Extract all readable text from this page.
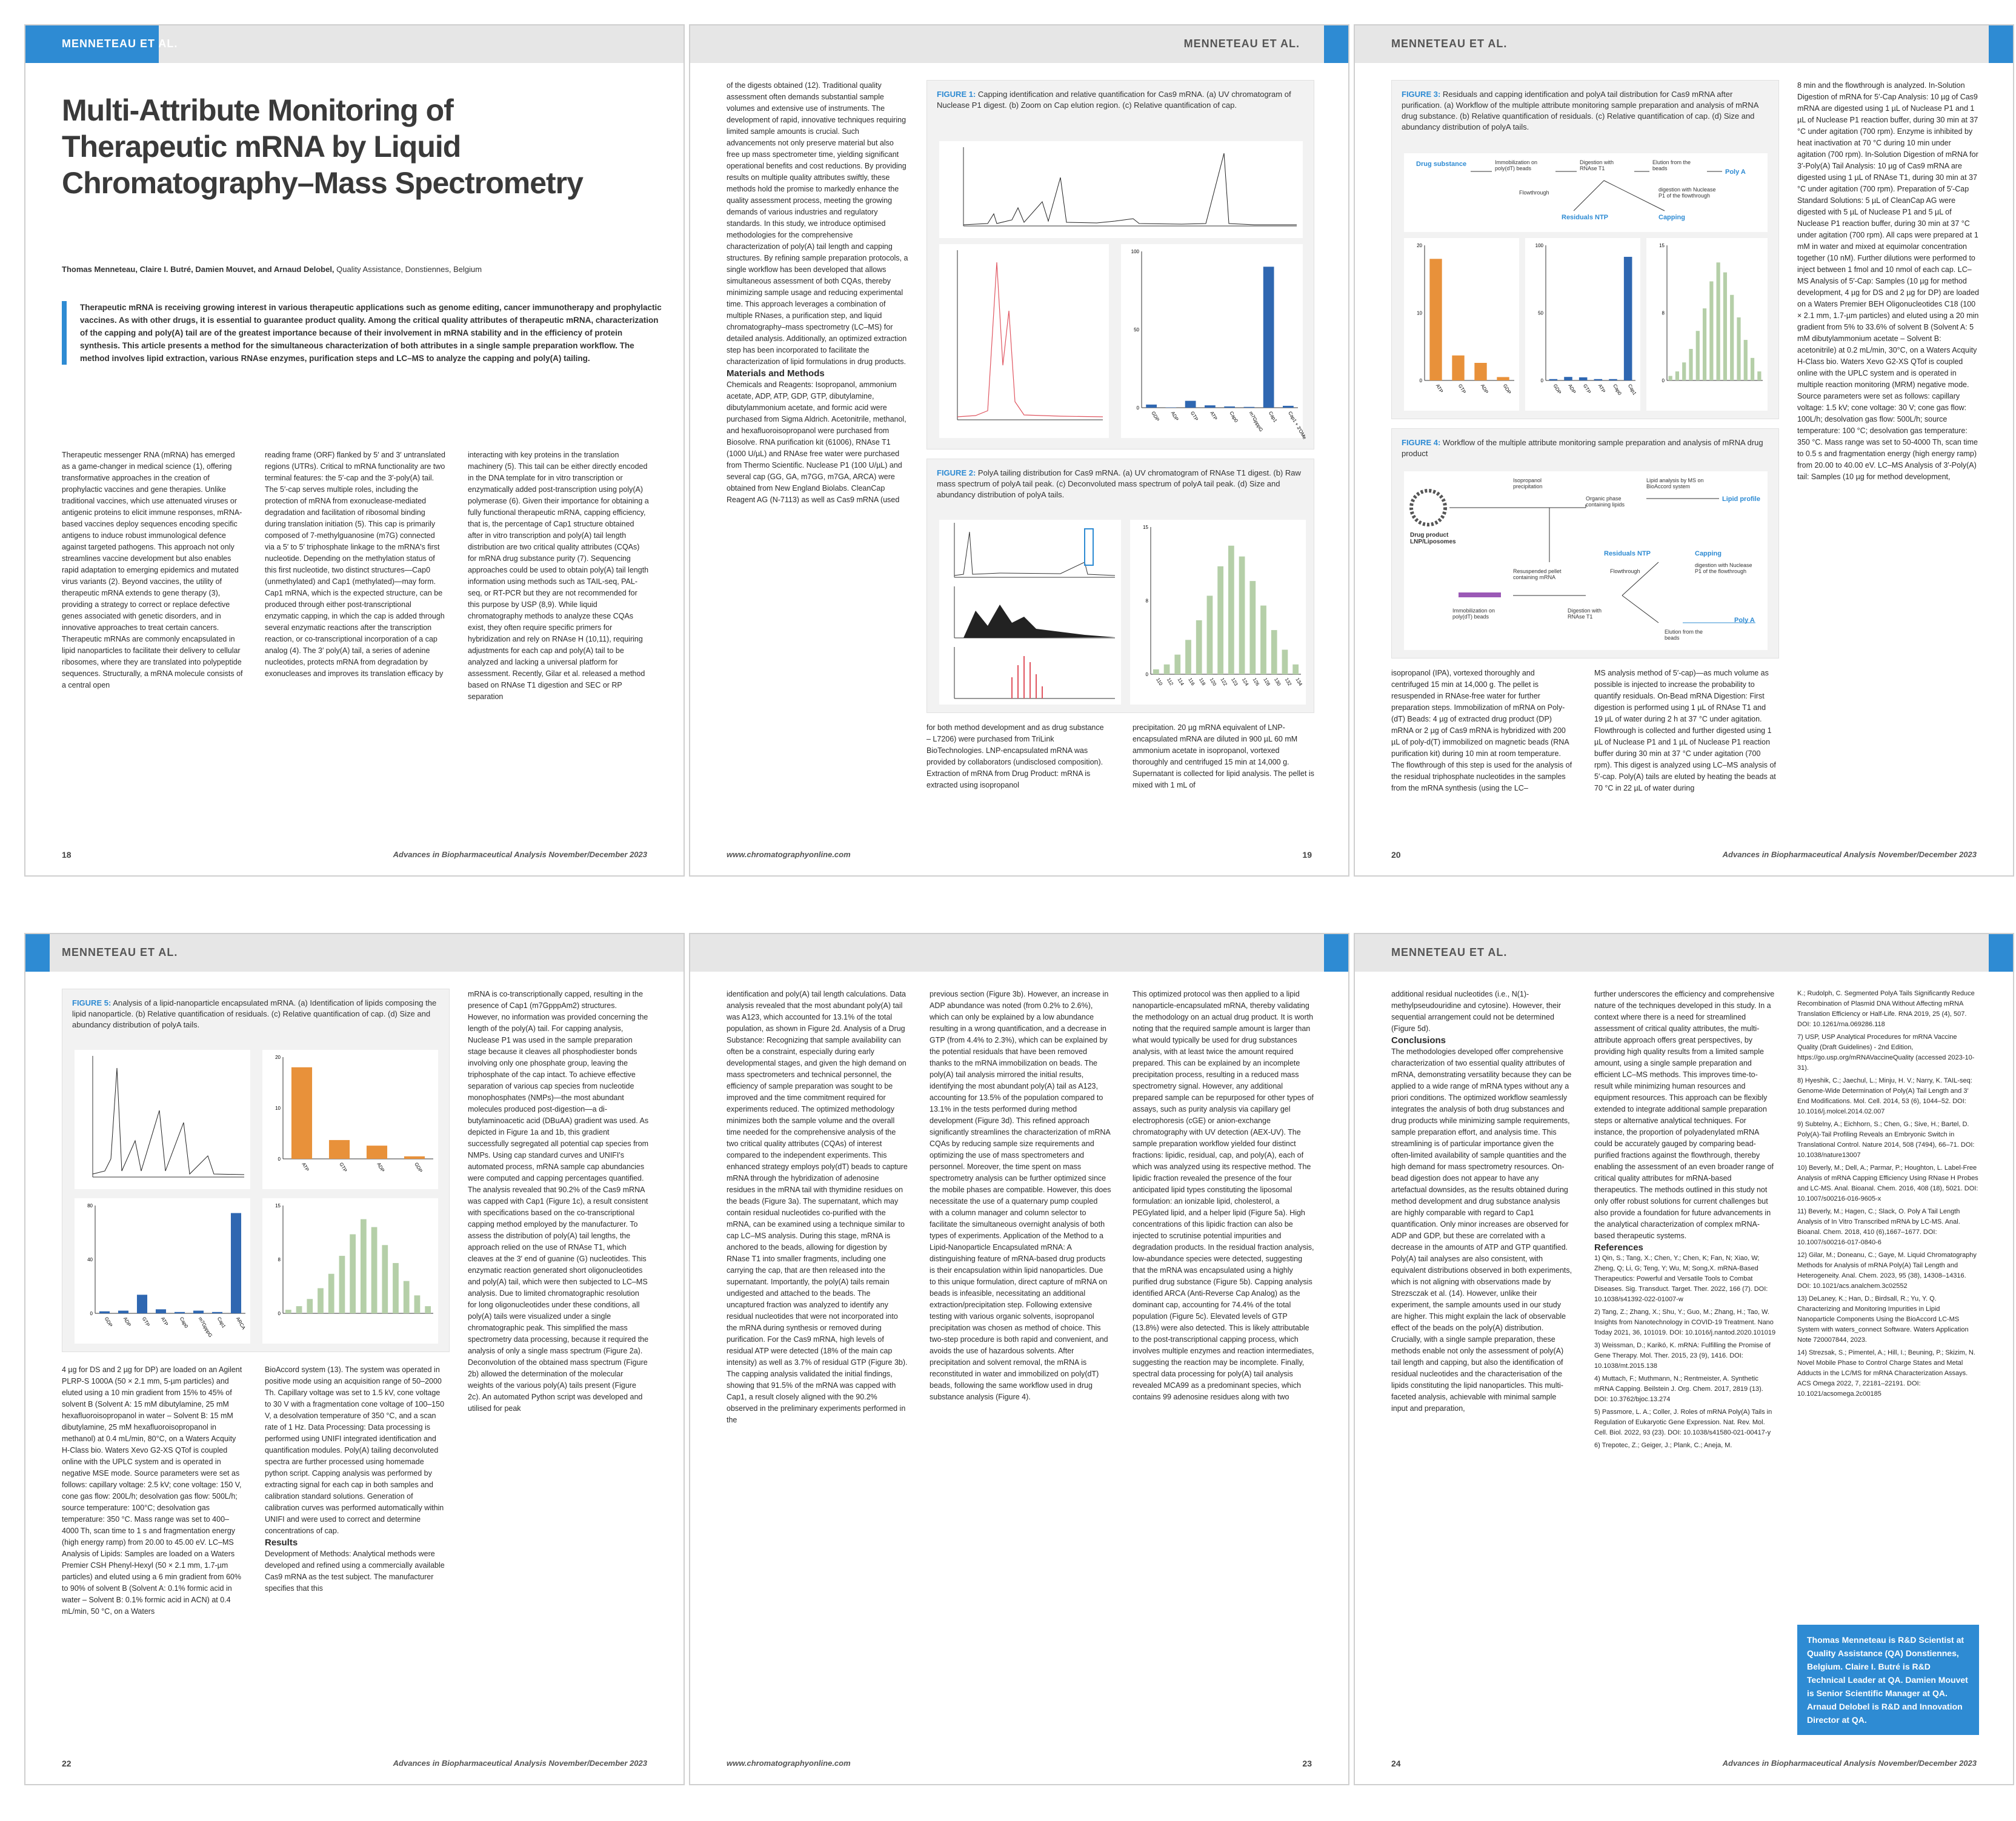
MENNETEAU ET AL.
Multi-Attribute Monitoring of Therapeutic mRNA by Liquid Chromatography–Mass Spectrometry
Thomas Menneteau, Claire I. Butré, Damien Mouvet, and Arnaud Delobel, Quality Assistance, Donstiennes, Belgium
Therapeutic mRNA is receiving growing interest in various therapeutic applications such as genome editing, cancer immunotherapy and prophylactic vaccines. As with other drugs, it is essential to guarantee product quality. Among the critical quality attributes of therapeutic mRNA, characterization of the capping and poly(A) tail are of the greatest importance because of their involvement in mRNA stability and in the efficiency of protein synthesis. This article presents a method for the simultaneous characterization of both attributes in a single sample preparation workflow. The method involves lipid extraction, various RNAse enzymes, purification steps and LC–MS to analyze the capping and poly(A) tailing.
Therapeutic messenger RNA (mRNA) has emerged as a game-changer in medical science (1), offering transformative approaches in the creation of prophylactic vaccines and gene therapies. Unlike traditional vaccines, which use attenuated viruses or antigenic proteins to elicit immune responses, mRNA-based vaccines deploy sequences encoding specific antigens to induce robust immunological defence against targeted pathogens. This approach not only streamlines vaccine development but also enables rapid adaptation to emerging epidemics and mutated virus variants (2). Beyond vaccines, the utility of therapeutic mRNA extends to gene therapy (3), providing a strategy to correct or replace defective genes associated with genetic disorders, and in innovative approaches to treat certain cancers. Therapeutic mRNAs are commonly encapsulated in lipid nanoparticles to facilitate their delivery to cellular ribosomes, where they are translated into polypeptide sequences. Structurally, a mRNA molecule consists of a central open
reading frame (ORF) flanked by 5′ and 3′ untranslated regions (UTRs). Critical to mRNA functionality are two terminal features: the 5′-cap and the 3′-poly(A) tail. The 5′-cap serves multiple roles, including the protection of mRNA from exonuclease-mediated degradation and facilitation of ribosomal binding during translation initiation (5). This cap is primarily composed of 7-methylguanosine (m7G) connected via a 5′ to 5′ triphosphate linkage to the mRNA's first nucleotide. Depending on the methylation status of this first nucleotide, two distinct structures—Cap0 (unmethylated) and Cap1 (methylated)—may form. Cap1 mRNA, which is the expected structure, can be produced through either post-transcriptional enzymatic capping, in which the cap is added through several enzymatic reactions after the transcription reaction, or co-transcriptional incorporation of a cap analog (4). The 3′ poly(A) tail, a series of adenine nucleotides, protects mRNA from degradation by exonucleases and improves its translation efficacy by
interacting with key proteins in the translation machinery (5). This tail can be either directly encoded in the DNA template for in vitro transcription or enzymatically added post-transcription using poly(A) polymerase (6). Given their importance for obtaining a fully functional therapeutic mRNA, capping efficiency, that is, the percentage of Cap1 structure obtained after in vitro transcription and poly(A) tail length distribution are two critical quality attributes (CQAs) for mRNA drug substance purity (7). Sequencing approaches could be used to obtain poly(A) tail length information using methods such as TAIL-seq, PAL-seq, or RT-PCR but they are not recommended for this purpose by USP (8,9). While liquid chromatography methods to analyze these CQAs exist, they often require specific primers for hybridization and rely on RNAse H (10,11), requiring adjustments for each cap and poly(A) tail to be analyzed and lacking a universal platform for assessment. Recently, Gilar et al. released a method based on RNAse T1 digestion and SEC or RP separation
18	Advances in Biopharmaceutical Analysis November/December 2023
MENNETEAU ET AL.

of the digests obtained (12). Traditional quality assessment often demands substantial sample volumes and extensive use of instruments. The development of rapid, innovative techniques requiring limited sample amounts is crucial. Such advancements not only preserve material but also free up mass spectrometer time, yielding significant operational benefits and cost reductions. By providing results on multiple quality attributes swiftly, these methods hold the promise to markedly enhance the quality assessment process, meeting the growing demands of various industries and regulatory standards. In this study, we introduce optimised methodologies for the comprehensive characterization of poly(A) tail length and capping structures. By refining sample preparation protocols, a single workflow has been developed that allows simultaneous assessment of both CQAs, thereby minimizing sample usage and reducing experimental time. This approach leverages a combination of multiple RNases, a purification step, and liquid chromatography–mass spectrometry (LC–MS) for detailed analysis. Additionally, an optimized extraction step has been incorporated to facilitate the characterization of lipid formulations in drug products.

Materials and Methods

Chemicals and Reagents: Isopropanol, ammonium acetate, ADP, ATP, GDP, GTP, dibutylamine, dibutylammonium acetate, and formic acid were purchased from Sigma Aldrich. Acetonitrile, methanol, and hexafluoroisopropanol were purchased from Biosolve. RNA purification kit (61006), RNAse T1 (1000 U/µL) and RNAse free water were purchased from Thermo Scientific. Nuclease P1 (100 U/µL) and several cap (GG, GA, m7GG, m7GA, ARCA) were obtained from New England Biolabs. CleanCap Reagent AG (N-7113) as well as Cas9 mRNA (used

FIGURE 1: Capping identification and relative quantification for Cas9 mRNA. (a) UV chromatogram of Nuclease P1 digest. (b) Zoom on Cap elution region. (c) Relative quantification of cap.
GDP ADP GTP ATP Cap0 m7GpppG Cap1 Cap1 + 3'OMe
0
50
100
FIGURE 2: PolyA tailing distribution for Cas9 mRNA. (a) UV chromatogram of RNAse T1 digest. (b) Raw mass spectrum of polyA tail peak. (c) Deconvoluted mass spectrum of polyA tail peak. (d) Size and abundancy distribution of polyA tails.
110 112 114 116 118 120 122 123 124 126 128 130 132 134
0
8
15
for both method development and as drug substance – L7206) were purchased from TriLink BioTechnologies. LNP-encapsulated mRNA was provided by collaborators (undisclosed composition). Extraction of mRNA from Drug Product: mRNA is extracted using isopropanol
precipitation. 20 µg mRNA equivalent of LNP-encapsulated mRNA are diluted in 900 µL 60 mM ammonium acetate in isopropanol, vortexed thoroughly and centrifuged 15 min at 14,000 g. Supernatant is collected for lipid analysis. The pellet is mixed with 1 mL of
www.chromatographyonline.com	19
MENNETEAU ET AL.
FIGURE 3: Residuals and capping identification and polyA tail distribution for Cas9 mRNA after purification. (a) Workflow of the multiple attribute monitoring sample preparation and analysis of mRNA drug substance. (b) Relative quantification of residuals. (c) Relative quantification of cap. (d) Size and abundancy distribution of polyA tails.
Drug substance	Immobilization on poly(dT) beads
Digestion with RNAse T1
Elution from the beads	Poly A
Flowthrough
Residuals NTP
digestion with Nuclease P1 of the flowthrough
Capping
ATP	GTP	ADP	GDP
0
10
20
GDP ADP GTP ATP Cap0 Cap1
0
50
100
0
8
15
FIGURE 4: Workflow of the multiple attribute monitoring sample preparation and analysis of mRNA drug product
Drug product LNP/Liposomes
Isopropanol precipitation
Organic phase containing lipids
Lipid analysis by MS on BioAccord system
Lipid profile
Resuspended pellet containing mRNA
Immobilization on poly(dT) beads
Digestion with RNAse T1
Residuals NTP
Flowthrough
Capping
digestion with Nuclease P1 of the flowthrough
Elution from the beads
Poly A
isopropanol (IPA), vortexed thoroughly and centrifuged 15 min at 14,000 g. The pellet is resuspended in RNAse-free water for further preparation steps. Immobilization of mRNA on Poly-(dT) Beads: 4 µg of extracted drug product (DP) mRNA or 2 µg of Cas9 mRNA is hybridized with 200 µL of poly-d(T) immobilized on magnetic beads (RNA purification kit) during 10 min at room temperature. The flowthrough of this step is used for the analysis of the residual triphosphate nucleotides in the samples from the mRNA synthesis (using the LC–
MS analysis method of 5′-cap)—as much volume as possible is injected to increase the probability to quantify residuals. On-Bead mRNA Digestion: First digestion is performed using 1 µL of RNAse T1 and 19 µL of water during 2 h at 37 °C under agitation. Flowthrough is collected and further digested using 1 µL of Nuclease P1 and 1 µL of Nuclease P1 reaction buffer during 30 min at 37 °C under agitation (700 rpm). This digest is analyzed using LC–MS analysis of 5′-cap. Poly(A) tails are eluted by heating the beads at 70 °C in 22 µL of water during
8 min and the flowthrough is analyzed. In-Solution Digestion of mRNA for 5′-Cap Analysis: 10 µg of Cas9 mRNA are digested using 1 µL of Nuclease P1 and 1 µL of Nuclease P1 reaction buffer, during 30 min at 37 °C under agitation (700 rpm). Enzyme is inhibited by heat inactivation at 70 °C during 10 min under agitation (700 rpm). In-Solution Digestion of mRNA for 3′-Poly(A) Tail Analysis: 10 µg of Cas9 mRNA are digested using 1 µL of RNAse T1, during 30 min at 37 °C under agitation (700 rpm). Preparation of 5′-Cap Standard Solutions: 5 µL of CleanCap AG were digested with 5 µL of Nuclease P1 and 5 µL of Nuclease P1 reaction buffer, during 30 min at 37 °C under agitation (700 rpm). All caps were prepared at 1 mM in water and mixed at equimolar concentration together (10 nM). Further dilutions were performed to inject between 1 fmol and 10 nmol of each cap. LC–MS Analysis of 5′-Cap: Samples (10 µg for method development, 4 µg for DS and 2 µg for DP) are loaded on a Waters Premier BEH Oligonucleotides C18 (100 × 2.1 mm, 1.7-µm particles) and eluted using a 20 min gradient from 5% to 33.6% of solvent B (Solvent A: 5 mM dibutylammonium acetate – Solvent B: acetonitrile) at 0.2 mL/min, 30°C, on a Waters Acquity H-Class bio. Waters Xevo G2-XS QTof is coupled online with the UPLC system and is operated in multiple reaction monitoring (MRM) negative mode. Source parameters were set as follows: capillary voltage: 1.5 kV; cone voltage: 30 V; cone gas flow: 100L/h; desolvation gas flow: 500L/h; source temperature: 100 °C; desolvation gas temperature: 350 °C. Mass range was set to 50-4000 Th, scan time to 0.5 s and fragmentation energy (high energy ramp) from 20.00 to 40.00 eV. LC–MS Analysis of 3′-Poly(A) tail: Samples (10 µg for method development,
20	Advances in Biopharmaceutical Analysis November/December 2023
MENNETEAU ET AL.
FIGURE 5: Analysis of a lipid-nanoparticle encapsulated mRNA. (a) Identification of lipids composing the lipid nanoparticle. (b) Relative quantification of residuals. (c) Relative quantification of cap. (d) Size and abundancy distribution of polyA tails.
ATP	GTP	ADP	GDP
0
10
20
GDP ADP GTP ATP Cap0 m7GpppG Cap1 ARCA
0
40
80
0
8
15
mRNA is co-transcriptionally capped, resulting in the presence of Cap1 (m7GpppAm2) structures. However, no information was provided concerning the length of the poly(A) tail. For capping analysis, Nuclease P1 was used in the sample preparation stage because it cleaves all phosphodiester bonds involving only one phosphate group, leaving the triphosphate of the cap intact. To achieve effective separation of various cap species from nucleotide monophosphates (NMPs)—the most abundant molecules produced post-digestion—a di-butylaminoacetic acid (DBuAA) gradient was used. As depicted in Figure 1a and 1b, this gradient successfully segregated all potential cap species from NMPs. Using cap standard curves and UNIFI's automated process, mRNA sample cap abundancies were computed and capping percentages quantified. The analysis revealed that 90.2% of the Cas9 mRNA was capped with Cap1 (Figure 1c), a result consistent with specifications based on the co-transcriptional capping method employed by the manufacturer. To assess the distribution of poly(A) tail lengths, the approach relied on the use of RNAse T1, which cleaves at the 3′ end of guanine (G) nucleotides. This enzymatic reaction generated short oligonucleotides and poly(A) tail, which were then subjected to LC–MS analysis. Due to limited chromatographic resolution for long oligonucleotides under these conditions, all poly(A) tails were visualized under a single chromatographic peak. This simplified the mass spectrometry data processing, because it required the analysis of only a single mass spectrum (Figure 2a). Deconvolution of the obtained mass spectrum (Figure 2b) allowed the determination of the molecular weights of the various poly(A) tails present (Figure 2c). An automated Python script was developed and utilised for peak
4 µg for DS and 2 µg for DP) are loaded on an Agilent PLRP-S 1000A (50 × 2.1 mm, 5-µm particles) and eluted using a 10 min gradient from 15% to 45% of solvent B (Solvent A: 15 mM dibutylamine, 25 mM hexafluoroisopropanol in water – Solvent B: 15 mM dibutylamine, 25 mM hexafluoroisopropanol in methanol) at 0.4 mL/min, 80°C, on a Waters Acquity H-Class bio. Waters Xevo G2-XS QTof is coupled online with the UPLC system and is operated in negative MSE mode. Source parameters were set as follows: capillary voltage: 2.5 kV; cone voltage: 150 V, cone gas flow: 200L/h; desolvation gas flow: 500L/h; source temperature: 100°C; desolvation gas temperature: 350 °C. Mass range was set to 400–4000 Th, scan time to 1 s and fragmentation energy (high energy ramp) from 20.00 to 45.00 eV. LC–MS Analysis of Lipids: Samples are loaded on a Waters Premier CSH Phenyl-Hexyl (50 × 2.1 mm, 1.7-µm particles) and eluted using a 6 min gradient from 60% to 90% of solvent B (Solvent A: 0.1% formic acid in water – Solvent B: 0.1% formic acid in ACN) at 0.4 mL/min, 50 °C, on a Waters

BioAccord system (13). The system was operated in positive mode using an acquisition range of 50–2000 Th. Capillary voltage was set to 1.5 kV, cone voltage to 30 V with a fragmentation cone voltage of 100–150 V, a desolvation temperature of 350 °C, and a scan rate of 1 Hz. Data Processing: Data processing is performed using UNIFI integrated identification and quantification modules. Poly(A) tailing deconvoluted spectra are further processed using homemade python script. Capping analysis was performed by extracting signal for each cap in both samples and calibration standard solutions. Generation of calibration curves was performed automatically within UNIFI and were used to correct and determine concentrations of cap.

Results

Development of Methods: Analytical methods were developed and refined using a commercially available Cas9 mRNA as the test subject. The manufacturer specifies that this

22	Advances in Biopharmaceutical Analysis November/December 2023
identification and poly(A) tail length calculations. Data analysis revealed that the most abundant poly(A) tail was A123, which accounted for 13.1% of the total population, as shown in Figure 2d. Analysis of a Drug Substance: Recognizing that sample availability can often be a constraint, especially during early developmental stages, and given the high demand on mass spectrometers and technical personnel, the efficiency of sample preparation was sought to be improved and the time commitment required for experiments reduced. The optimized methodology minimizes both the sample volume and the overall time needed for the comprehensive analysis of the two critical quality attributes (CQAs) of interest compared to the independent experiments. This enhanced strategy employs poly(dT) beads to capture mRNA through the hybridization of adenosine residues in the mRNA tail with thymidine residues on the beads (Figure 3a). The supernatant, which may contain residual nucleotides co-purified with the mRNA, can be examined using a technique similar to cap LC–MS analysis. During this stage, mRNA is anchored to the beads, allowing for digestion by RNase T1 into smaller fragments, including one carrying the cap, that are then released into the supernatant. Importantly, the poly(A) tails remain undigested and attached to the beads. The uncaptured fraction was analyzed to identify any residual nucleotides that were not incorporated into the mRNA during synthesis or removed during purification. For the Cas9 mRNA, high levels of residual ATP were detected (18% of the main cap intensity) as well as 3.7% of residual GTP (Figure 3b). The capping analysis validated the initial findings, showing that 91.5% of the mRNA was capped with Cap1, a result closely aligned with the 90.2% observed in the preliminary experiments performed in the
previous section (Figure 3b). However, an increase in ADP abundance was noted (from 0.2% to 2.6%), which can only be explained by a low abundance resulting in a wrong quantification, and a decrease in GTP (from 4.4% to 2.3%), which can be explained by the potential residuals that have been removed thanks to the mRNA immobilization on beads. The poly(A) tail analysis mirrored the initial results, identifying the most abundant poly(A) tail as A123, accounting for 13.5% of the population compared to 13.1% in the tests performed during method development (Figure 3d). This refined approach significantly streamlines the characterization of mRNA CQAs by reducing sample size requirements and optimizing the use of mass spectrometers and personnel. Moreover, the time spent on mass spectrometry analysis can be further optimized since the mobile phases are compatible. However, this does necessitate the use of a quaternary pump coupled with a column manager and column selector to facilitate the simultaneous overnight analysis of both types of experiments. Application of the Method to a Lipid-Nanoparticle Encapsulated mRNA: A distinguishing feature of mRNA-based drug products is their encapsulation within lipid nanoparticles. Due to this unique formulation, direct capture of mRNA on beads is infeasible, necessitating an additional extraction/precipitation step. Following extensive testing with various organic solvents, isopropanol precipitation was chosen as method of choice. This two-step procedure is both rapid and convenient, and avoids the use of hazardous solvents. After precipitation and solvent removal, the mRNA is reconstituted in water and immobilized on poly(dT) beads, following the same workflow used in drug substance analysis (Figure 4).
This optimized protocol was then applied to a lipid nanoparticle-encapsulated mRNA, thereby validating the methodology on an actual drug product. It is worth noting that the required sample amount is larger than what would typically be used for drug substances analysis, with at least twice the amount required prepared. This can be explained by an incomplete precipitation process, resulting in a reduced mass spectrometry signal. However, any additional prepared sample can be repurposed for other types of assays, such as purity analysis via capillary gel electrophoresis (cGE) or anion-exchange chromatography with UV detection (AEX-UV). The sample preparation workflow yielded four distinct fractions: lipidic, residual, cap, and poly(A), each of which was analyzed using its respective method. The lipidic fraction revealed the presence of the four anticipated lipid types constituting the liposomal formulation: an ionizable lipid, cholesterol, a PEGylated lipid, and a helper lipid (Figure 5a). High concentrations of this lipidic fraction can also be injected to scrutinise potential impurities and degradation products. In the residual fraction analysis, low-abundance species were detected, suggesting that the mRNA was encapsulated using a highly purified drug substance (Figure 5b). Capping analysis identified ARCA (Anti-Reverse Cap Analog) as the dominant cap, accounting for 74.4% of the total population (Figure 5c). Elevated levels of GTP (13.8%) were also detected. This is likely attributable to the post-transcriptional capping process, which involves multiple enzymes and reaction intermediates, suggesting the reaction may be incomplete. Finally, spectral data processing for poly(A) tail analysis revealed MCA99 as a predominant species, which contains 99 adenosine residues along with two
www.chromatographyonline.com	23
MENNETEAU ET AL.

additional residual nucleotides (i.e., N(1)-methylpseudouridine and cytosine). However, their sequential arrangement could not be determined (Figure 5d).

Conclusions

The methodologies developed offer comprehensive characterization of two essential quality attributes of mRNA, demonstrating versatility because they can be applied to a wide range of mRNA types without any a priori conditions. The optimized workflow seamlessly integrates the analysis of both drug substances and drug products while minimizing sample requirements, sample preparation effort, and analysis time. This streamlining is of particular importance given the often-limited availability of sample quantities and the high demand for mass spectrometry resources. On-bead digestion does not appear to have any artefactual downsides, as the results obtained during method development and drug substance analysis are highly comparable with regard to Cap1 quantification. Only minor increases are observed for ADP and GDP, but these are correlated with a decrease in the amounts of ATP and GTP quantified. Poly(A) tail analyses are also consistent, with equivalent distributions observed in both experiments, which is not aligning with observations made by Strezsczak et al. (14). However, unlike their experiment, the sample amounts used in our study are higher. This might explain the lack of observable effect of the beads on the poly(A) distribution. Crucially, with a single sample preparation, these methods enable not only the assessment of poly(A) tail length and capping, but also the identification of residual nucleotides and the characterisation of the lipids constituting the lipid nanoparticles. This multi-faceted analysis, achievable with minimal sample input and preparation,

further underscores the efficiency and comprehensive nature of the techniques developed in this study. In a context where there is a need for streamlined assessment of critical quality attributes, the multi-attribute approach offers great perspectives, by providing high quality results from a limited sample amount, using a single sample preparation and efficient LC–MS methods. This improves time-to-result while minimizing human resources and equipment resources. This approach can be flexibly extended to integrate additional sample preparation steps or alternative analytical techniques. For instance, the proportion of polyadenylated mRNA could be accurately gauged by comparing bead-purified fractions against the flowthrough, thereby enabling the assessment of an even broader range of critical quality attributes for mRNA-based therapeutics. The methods outlined in this study not only offer robust solutions for current challenges but also provide a foundation for future advancements in the analytical characterization of complex mRNA-based therapeutic systems.

References

1) Qin, S.; Tang, X.; Chen, Y.; Chen, K; Fan, N; Xiao, W; Zheng, Q; Li, G; Teng, Y; Wu, M; Song,X. mRNA-Based Therapeutics: Powerful and Versatile Tools to Combat Diseases. Sig. Transduct. Target. Ther. 2022, 166 (7). DOI: 10.1038/s41392-022-01007-w
2) Tang, Z.; Zhang, X.; Shu, Y.; Guo, M.; Zhang, H.; Tao, W. Insights from Nanotechnology in COVID-19 Treatment. Nano Today 2021, 36, 101019. DOI: 10.1016/j.nantod.2020.101019
3) Weissman, D.; Karikó, K. mRNA: Fulfilling the Promise of Gene Therapy. Mol. Ther. 2015, 23 (9), 1416. DOI: 10.1038/mt.2015.138
4) Muttach, F.; Muthmann, N.; Rentmeister, A. Synthetic mRNA Capping. Beilstein J. Org. Chem. 2017, 2819 (13). DOI: 10.3762/bjoc.13.274
5) Passmore, L. A.; Coller, J. Roles of mRNA Poly(A) Tails in Regulation of Eukaryotic Gene Expression. Nat. Rev. Mol. Cell. Biol. 2022, 93 (23). DOI: 10.1038/s41580-021-00417-y
6) Trepotec, Z.; Geiger, J.; Plank, C.; Aneja, M.
K.; Rudolph, C. Segmented PolyA Tails Significantly Reduce Recombination of Plasmid DNA Without Affecting mRNA Translation Efficiency or Half-Life. RNA 2019, 25 (4), 507. DOI: 10.1261/rna.069286.118
7) USP, USP Analytical Procedures for mRNA Vaccine Quality (Draft Guidelines) - 2nd Edition, https://go.usp.org/mRNAVaccineQuality (accessed 2023-10-31).
8) Hyeshik, C.; Jaechul, L.; Minju, H. V.; Narry, K. TAIL-seq: Genome-Wide Determination of Poly(A) Tail Length and 3′ End Modifications. Mol. Cell. 2014, 53 (6), 1044–52. DOI: 10.1016/j.molcel.2014.02.007
9) Subtelny, A.; Eichhorn, S.; Chen, G.; Sive, H.; Bartel, D. Poly(A)-Tail Profiling Reveals an Embryonic Switch in Translational Control. Nature 2014, 508 (7494), 66–71. DOI: 10.1038/nature13007
10) Beverly, M.; Dell, A.; Parmar, P.; Houghton, L. Label-Free Analysis of mRNA Capping Efficiency Using RNase H Probes and LC-MS. Anal. Bioanal. Chem. 2016, 408 (18), 5021. DOI: 10.1007/s00216-016-9605-x
11) Beverly, M.; Hagen, C.; Slack, O. Poly A Tail Length Analysis of In Vitro Transcribed mRNA by LC-MS. Anal. Bioanal. Chem. 2018, 410 (6),1667–1677. DOI: 10.1007/s00216-017-0840-6
12) Gilar, M.; Doneanu, C.; Gaye, M. Liquid Chromatography Methods for Analysis of mRNA Poly(A) Tail Length and Heterogeneity. Anal. Chem. 2023, 95 (38), 14308–14316. DOI: 10.1021/acs.analchem.3c02552
13) DeLaney, K.; Han, D.; Birdsall, R.; Yu, Y. Q. Characterizing and Monitoring Impurities in Lipid Nanoparticle Components Using the BioAccord LC-MS System with waters_connect Software. Waters Application Note 720007844, 2023.
14) Strezsak, S.; Pimentel, A.; Hill, I.; Beuning, P.; Skizim, N. Novel Mobile Phase to Control Charge States and Metal Adducts in the LC/MS for mRNA Characterization Assays. ACS Omega 2022, 7, 22181–22191. DOI: 10.1021/acsomega.2c00185
Thomas Menneteau is R&D Scientist at Quality Assistance (QA) Donstiennes, Belgium. Claire I. Butré is R&D Technical Leader at QA. Damien Mouvet is Senior Scientific Manager at QA. Arnaud Delobel is R&D and Innovation Director at QA.
24	Advances in Biopharmaceutical Analysis November/December 2023
